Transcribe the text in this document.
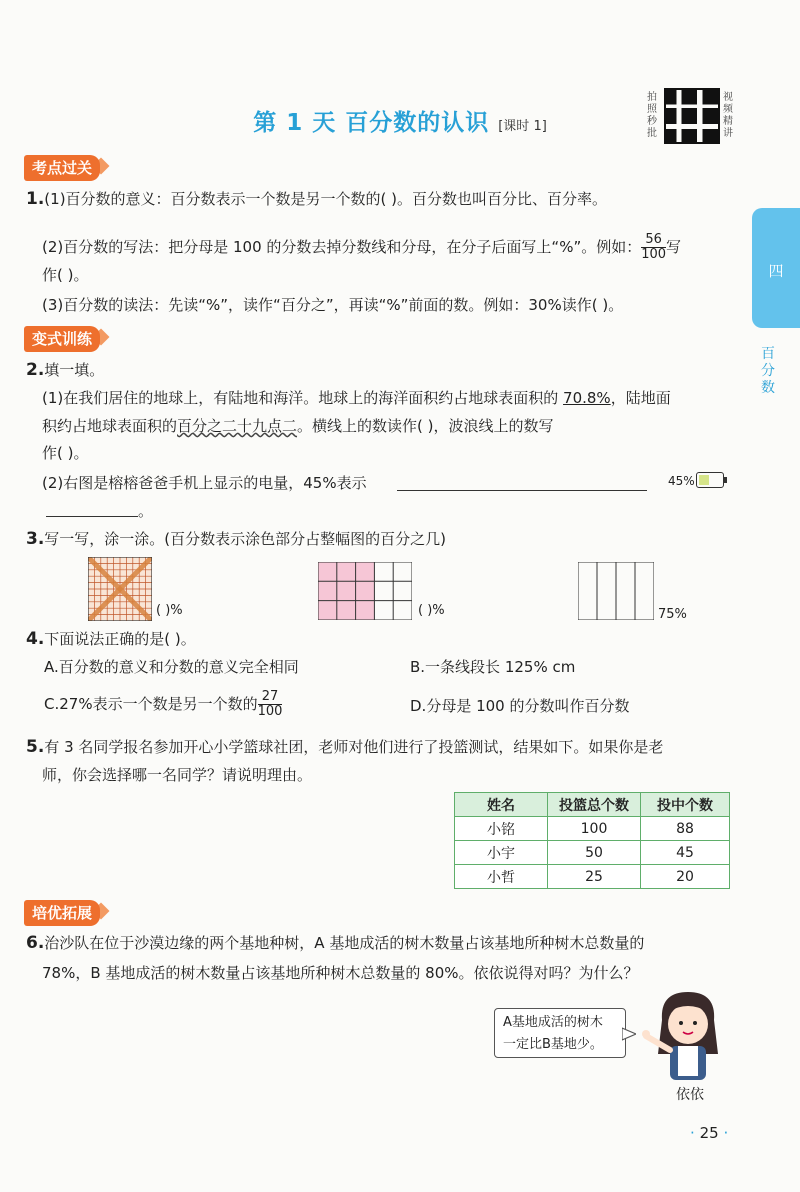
第 1 天 百分数的认识 [课时 1]
拍照秒批
视频精讲
四
百分数
考点过关
1.(1)百分数的意义：百分数表示一个数是另一个数的( )。百分数也叫百分比、百分率。
(2)百分数的写法：把分母是 100 的分数去掉分数线和分母，在分子后面写上“%”。例如： $\frac{56}{100}$写
作( )。
(3)百分数的读法：先读“%”，读作“百分之”，再读“%”前面的数。例如：30%读作( )。
变式训练
2.填一填。
(1)在我们居住的地球上，有陆地和海洋。地球上的海洋面积约占地球表面积的 70.8%，陆地面
积约占地球表面积的百分之二十九点二。横线上的数读作( )，波浪线上的数写
作( )。
(2)右图是榕榕爸爸手机上显示的电量，45%表示	45%
。
3.写一写，涂一涂。(百分数表示涂色部分占整幅图的百分之几)
( )%	( )%	75%
4.下面说法正确的是( )。
A.百分数的意义和分数的意义完全相同	B.一条线段长 125% cm
C.27%表示一个数是另一个数的 $\frac{27}{100}$	D.分母是 100 的分数叫作百分数
5.有 3 名同学报名参加开心小学篮球社团，老师对他们进行了投篮测试，结果如下。如果你是老
师，你会选择哪一名同学？请说明理由。
姓名	投篮总个数	投中个数
小铭	100	88
小宇	50	45
小哲	25	20
培优拓展
6.治沙队在位于沙漠边缘的两个基地种树，A 基地成活的树木数量占该基地所种树木总数量的
78%，B 基地成活的树木数量占该基地所种树木总数量的 80%。依依说得对吗？为什么？
A基地成活的树木
一定比B基地少。
依依
· 25 ·
